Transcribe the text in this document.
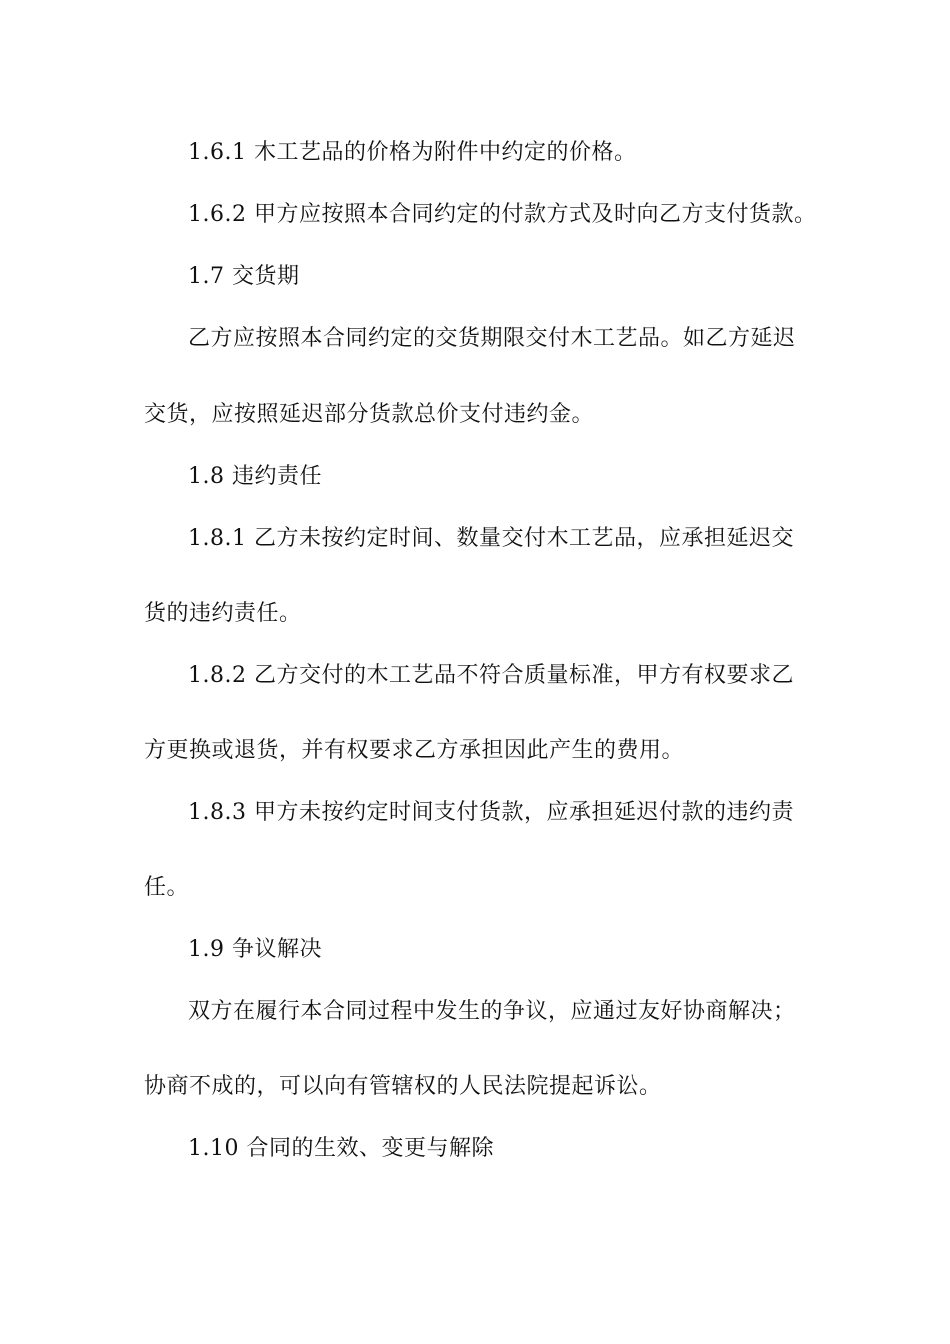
1.6.1 木工艺品的价格为附件中约定的价格。
1.6.2 甲方应按照本合同约定的付款方式及时向乙方支付货款。
1.7 交货期
乙方应按照本合同约定的交货期限交付木工艺品。如乙方延迟
交货，应按照延迟部分货款总价支付违约金。
1.8 违约责任
1.8.1 乙方未按约定时间、数量交付木工艺品，应承担延迟交
货的违约责任。
1.8.2 乙方交付的木工艺品不符合质量标准，甲方有权要求乙
方更换或退货，并有权要求乙方承担因此产生的费用。
1.8.3 甲方未按约定时间支付货款，应承担延迟付款的违约责
任。
1.9 争议解决
双方在履行本合同过程中发生的争议，应通过友好协商解决；
协商不成的，可以向有管辖权的人民法院提起诉讼。
1.10 合同的生效、变更与解除
